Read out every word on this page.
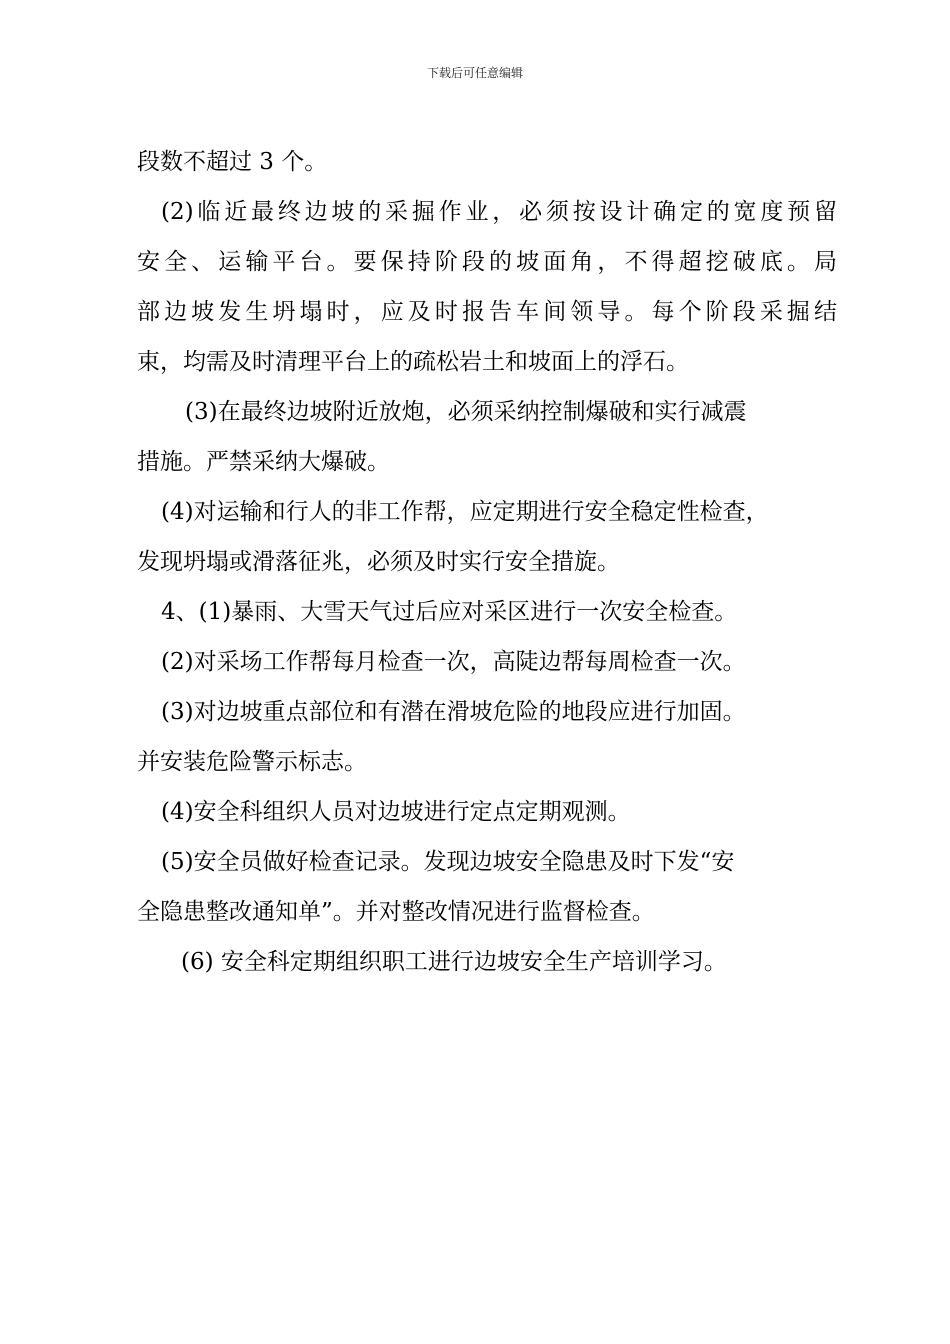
下载后可任意编辑
段数不超过 3 个。
(2)临近最终边坡的采掘作业，必须按设计确定的宽度预留
安全、运输平台。要保持阶段的坡面角，不得超挖破底。局
部边坡发生坍塌时，应及时报告车间领导。每个阶段采掘结
束，均需及时清理平台上的疏松岩土和坡面上的浮石。
(3)在最终边坡附近放炮，必须采纳控制爆破和实行减震
措施。严禁采纳大爆破。
(4)对运输和行人的非工作帮，应定期进行安全稳定性检查，
发现坍塌或滑落征兆，必须及时实行安全措旋。
4、(1)暴雨、大雪天气过后应对采区进行一次安全检查。
(2)对采场工作帮每月检查一次，高陡边帮每周检查一次。
(3)对边坡重点部位和有潜在滑坡危险的地段应进行加固。
并安装危险警示标志。
(4)安全科组织人员对边坡进行定点定期观测。
(5)安全员做好检查记录。发现边坡安全隐患及时下发“安
全隐患整改通知单”。并对整改情况进行监督检查。
(6) 安全科定期组织职工进行边坡安全生产培训学习。
